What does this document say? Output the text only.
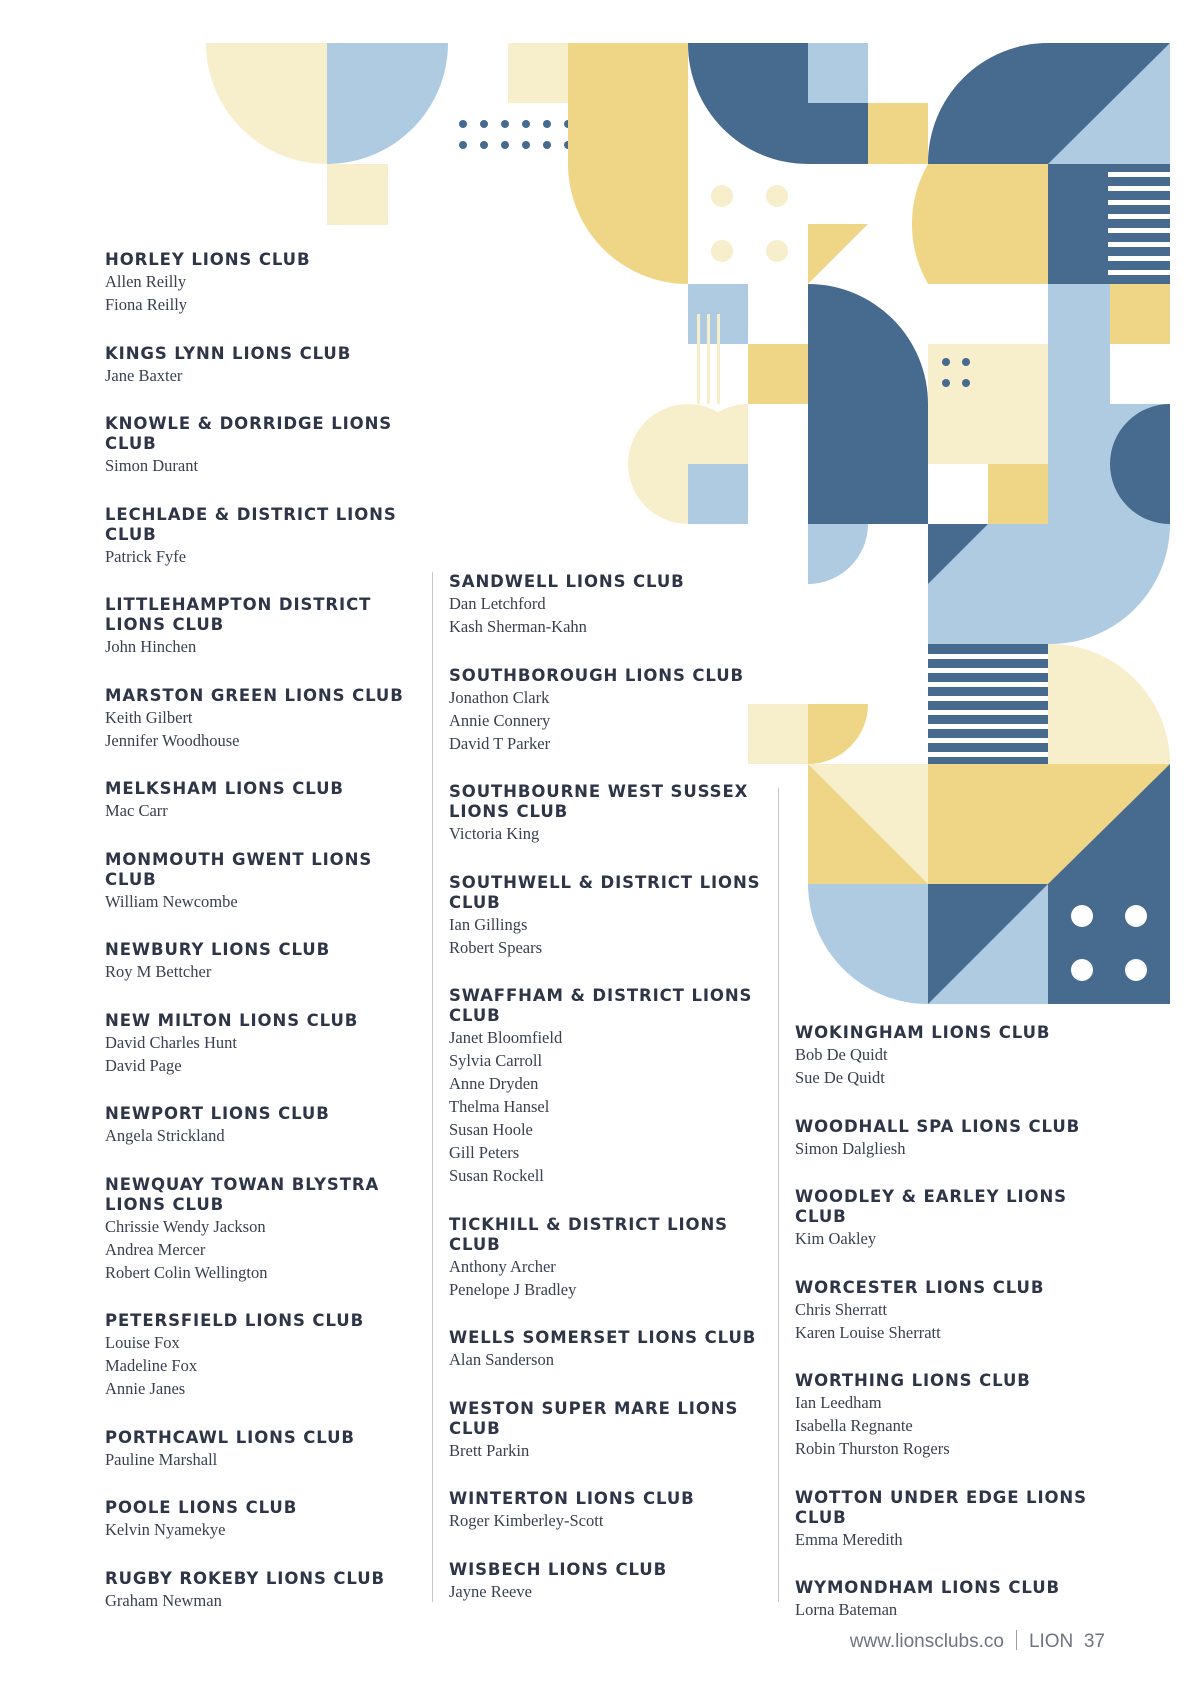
HORLEY LIONS CLUB
Allen Reilly
Fiona Reilly
KINGS LYNN LIONS CLUB
Jane Baxter
KNOWLE & DORRIDGE LIONS CLUB
Simon Durant
LECHLADE & DISTRICT LIONS CLUB
Patrick Fyfe
LITTLEHAMPTON DISTRICT LIONS CLUB
John Hinchen
MARSTON GREEN LIONS CLUB
Keith Gilbert
Jennifer Woodhouse
MELKSHAM LIONS CLUB
Mac Carr
MONMOUTH GWENT LIONS CLUB
William Newcombe
NEWBURY LIONS CLUB
Roy M Bettcher
NEW MILTON LIONS CLUB
David Charles Hunt
David Page
NEWPORT LIONS CLUB
Angela Strickland
NEWQUAY TOWAN BLYSTRA LIONS CLUB
Chrissie Wendy Jackson
Andrea Mercer
Robert Colin Wellington
PETERSFIELD LIONS CLUB
Louise Fox
Madeline Fox
Annie Janes
PORTHCAWL LIONS CLUB
Pauline Marshall
POOLE LIONS CLUB
Kelvin Nyamekye
RUGBY ROKEBY LIONS CLUB
Graham Newman
SANDWELL LIONS CLUB
Dan Letchford
Kash Sherman-Kahn
SOUTHBOROUGH LIONS CLUB
Jonathon Clark
Annie Connery
David T Parker
SOUTHBOURNE WEST SUSSEX LIONS CLUB
Victoria King
SOUTHWELL & DISTRICT LIONS CLUB
Ian Gillings
Robert Spears
SWAFFHAM & DISTRICT LIONS CLUB
Janet Bloomfield
Sylvia Carroll
Anne Dryden
Thelma Hansel
Susan Hoole
Gill Peters
Susan Rockell
TICKHILL & DISTRICT LIONS CLUB
Anthony Archer
Penelope J Bradley
WELLS SOMERSET LIONS CLUB
Alan Sanderson
WESTON SUPER MARE LIONS CLUB
Brett Parkin
WINTERTON LIONS CLUB
Roger Kimberley-Scott
WISBECH LIONS CLUB
Jayne Reeve
WOKINGHAM LIONS CLUB
Bob De Quidt
Sue De Quidt
WOODHALL SPA LIONS CLUB
Simon Dalgliesh
WOODLEY & EARLEY LIONS CLUB
Kim Oakley
WORCESTER LIONS CLUB
Chris Sherratt
Karen Louise Sherratt
WORTHING LIONS CLUB
Ian Leedham
Isabella Regnante
Robin Thurston Rogers
WOTTON UNDER EDGE LIONS CLUB
Emma Meredith
WYMONDHAM LIONS CLUB
Lorna Bateman
www.lionsclubs.co LION 37
